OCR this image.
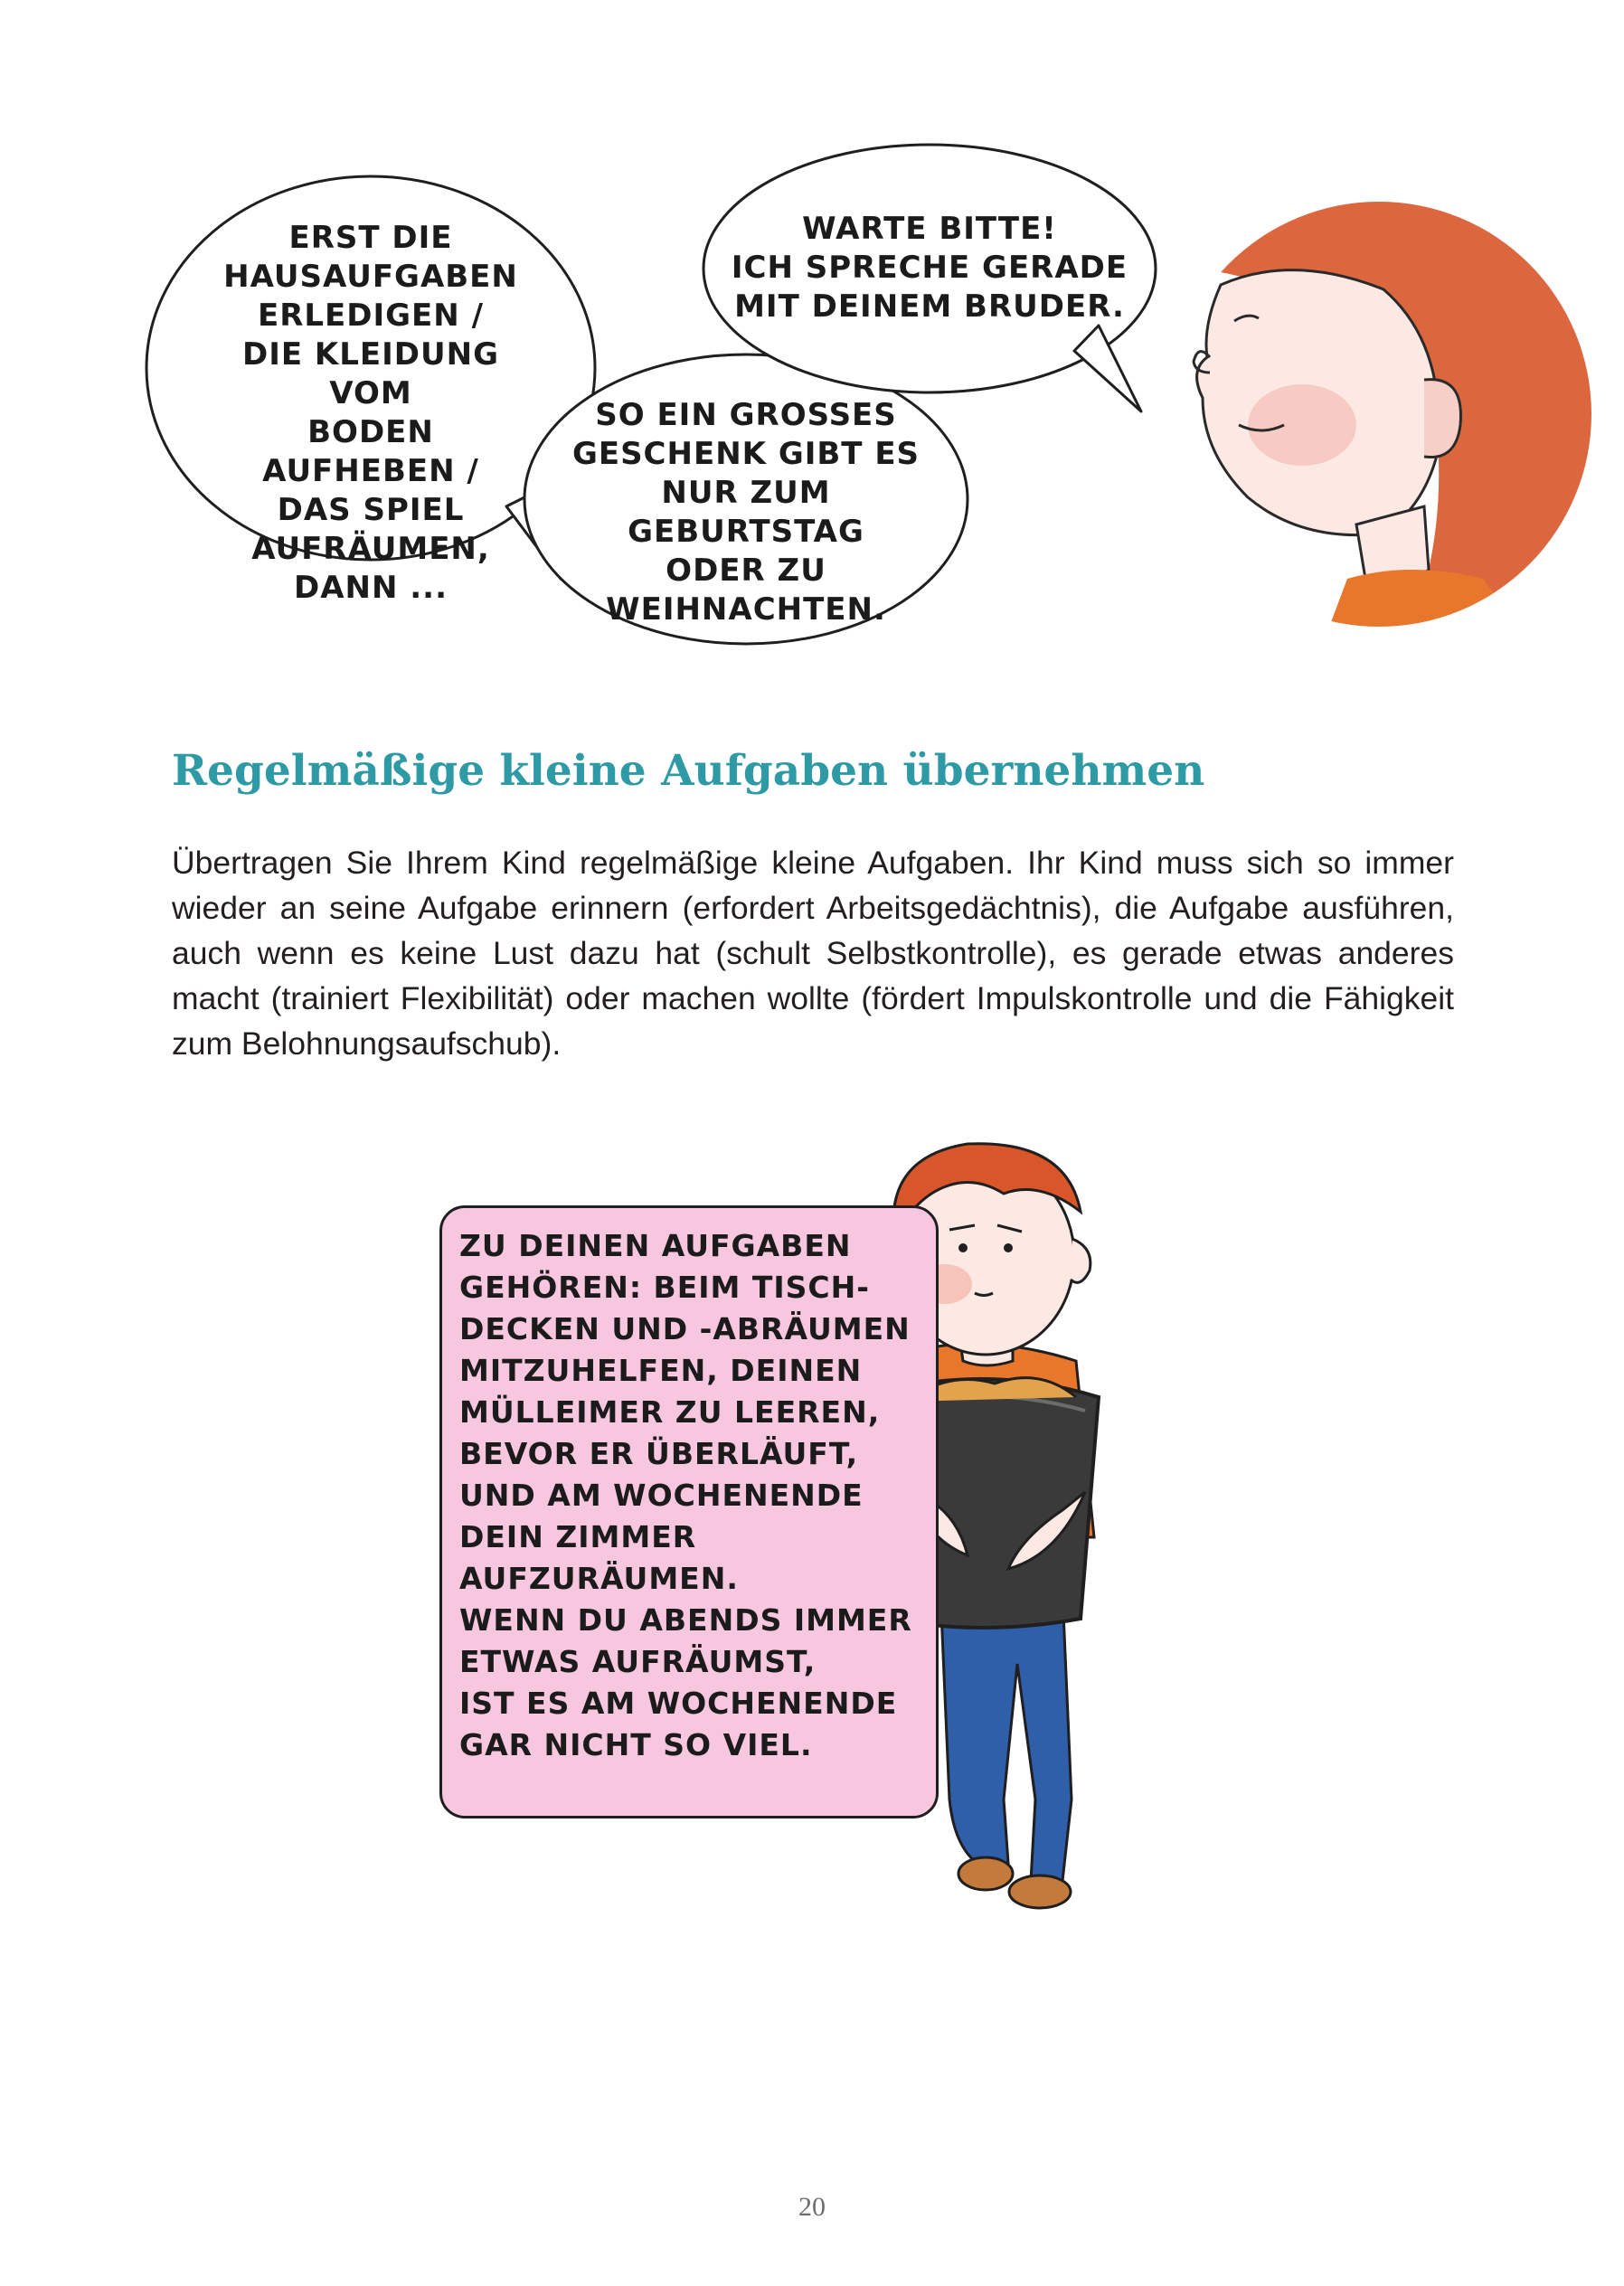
ERST DIE
HAUSAUFGABEN
ERLEDIGEN /
DIE KLEIDUNG VOM
BODEN AUFHEBEN /
DAS SPIEL
AUFRÄUMEN,
DANN ...
WARTE BITTE!
ICH SPRECHE GERADE
MIT DEINEM BRUDER.
SO EIN GROSSES
GESCHENK GIBT ES
NUR ZUM GEBURTSTAG
ODER ZU
WEIHNACHTEN.
Regelmäßige kleine Aufgaben übernehmen

Übertragen Sie Ihrem Kind regelmäßige kleine Aufgaben. Ihr Kind muss sich so immer wieder an seine Aufgabe erinnern (erfordert Arbeitsgedächtnis), die Aufgabe ausführen, auch wenn es keine Lust dazu hat (schult Selbstkontrolle), es gerade etwas anderes macht (trainiert Flexibilität) oder machen wollte (fördert Impulskontrolle und die Fähigkeit zum Belohnungsaufschub).

ZU DEINEN AUFGABEN
GEHÖREN: BEIM TISCH-
DECKEN UND -ABRÄUMEN
MITZUHELFEN, DEINEN
MÜLLEIMER ZU LEEREN,
BEVOR ER ÜBERLÄUFT,
UND AM WOCHENENDE
DEIN ZIMMER
AUFZURÄUMEN.
WENN DU ABENDS IMMER
ETWAS AUFRÄUMST,
IST ES AM WOCHENENDE
GAR NICHT SO VIEL.
20
